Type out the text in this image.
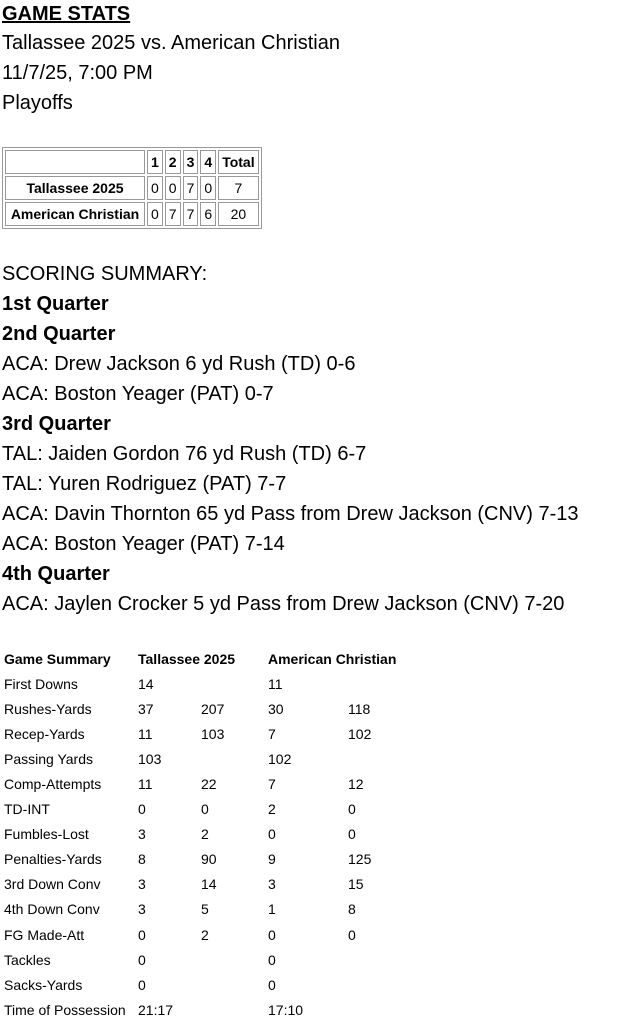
GAME STATS
Tallassee 2025 vs. American Christian
11/7/25, 7:00 PM
Playoffs
	1	2	3	4	Total
Tallassee 2025	0	0	7	0	7
American Christian	0	7	7	6	20
SCORING SUMMARY:
1st Quarter
2nd Quarter
ACA: Drew Jackson 6 yd Rush (TD) 0-6
ACA: Boston Yeager (PAT) 0-7
3rd Quarter
TAL: Jaiden Gordon 76 yd Rush (TD) 6-7
TAL: Yuren Rodriguez (PAT) 7-7
ACA: Davin Thornton 65 yd Pass from Drew Jackson (CNV) 7-13
ACA: Boston Yeager (PAT) 7-14
4th Quarter
ACA: Jaylen Crocker 5 yd Pass from Drew Jackson (CNV) 7-20
Game Summary	Tallassee 2025		American Christian	
First Downs	14		11	
Rushes-Yards	37	207	30	118
Recep-Yards	11	103	7	102
Passing Yards	103		102	
Comp-Attempts	11	22	7	12
TD-INT	0	0	2	0
Fumbles-Lost	3	2	0	0
Penalties-Yards	8	90	9	125
3rd Down Conv	3	14	3	15
4th Down Conv	3	5	1	8
FG Made-Att	0	2	0	0
Tackles	0		0	
Sacks-Yards	0		0	
Time of Possession	21:17		17:10	
